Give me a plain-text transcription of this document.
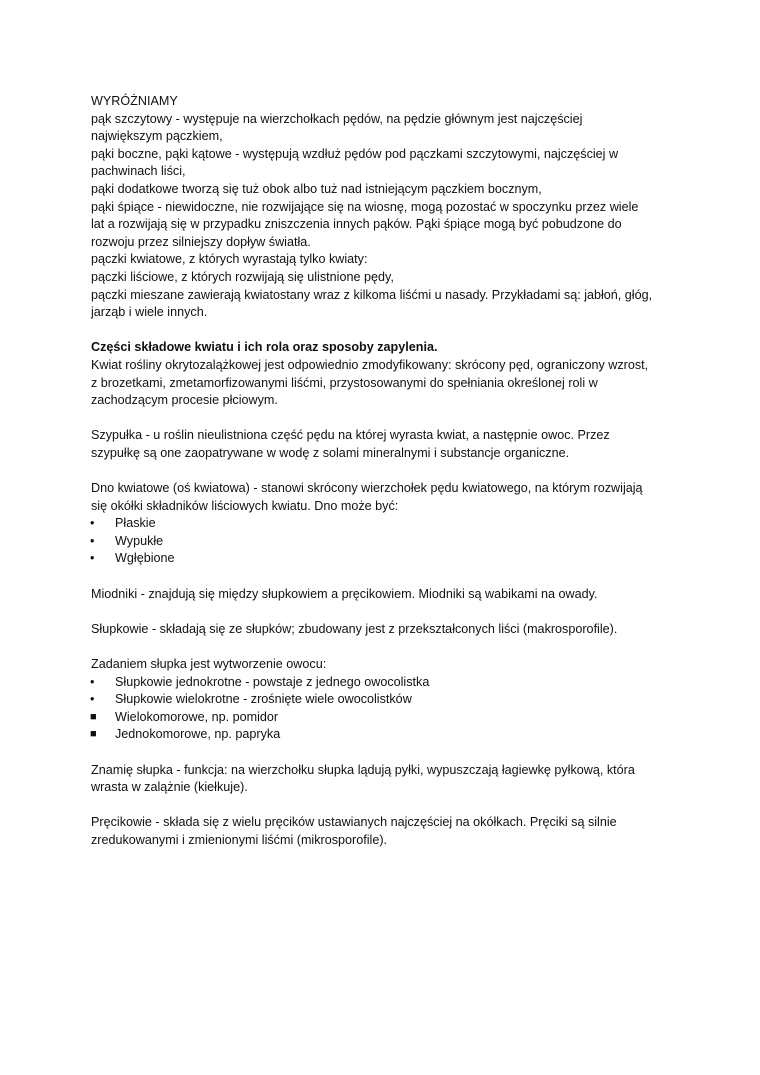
WYRÓŻNIAMY
pąk szczytowy - występuje na wierzchołkach pędów, na pędzie głównym jest najczęściej
największym pączkiem,
pąki boczne, pąki kątowe - występują wzdłuż pędów pod pączkami szczytowymi, najczęściej w
pachwinach liści,
pąki dodatkowe tworzą się tuż obok albo tuż nad istniejącym pączkiem bocznym,
pąki śpiące - niewidoczne, nie rozwijające się na wiosnę, mogą pozostać w spoczynku przez wiele
lat a rozwijają się w przypadku zniszczenia innych pąków. Pąki śpiące mogą być pobudzone do
rozwoju przez silniejszy dopływ światła.
pączki kwiatowe, z których wyrastają tylko kwiaty:
pączki liściowe, z których rozwijają się ulistnione pędy,
pączki mieszane zawierają kwiatostany wraz z kilkoma liśćmi u nasady. Przykładami są: jabłoń, głóg,
jarząb i wiele innych.
Części składowe kwiatu i ich rola oraz sposoby zapylenia.
Kwiat rośliny okrytozalążkowej jest odpowiednio zmodyfikowany: skrócony pęd, ograniczony wzrost,
z brozetkami, zmetamorfizowanymi liśćmi, przystosowanymi do spełniania określonej roli w
zachodzącym procesie płciowym.
Szypułka - u roślin nieulistniona część pędu na której wyrasta kwiat, a następnie owoc. Przez
szypułkę są one zaopatrywane w wodę z solami mineralnymi i substancje organiczne.
Dno kwiatowe (oś kwiatowa) - stanowi skrócony wierzchołek pędu kwiatowego, na którym rozwijają
się okółki składników liściowych kwiatu. Dno może być:
•	Płaskie
•	Wypukłe
•	Wgłębione
Miodniki - znajdują się między słupkowiem a pręcikowiem. Miodniki są wabikami na owady.
Słupkowie - składają się ze słupków; zbudowany jest z przekształconych liści (makrosporofile).
Zadaniem słupka jest wytworzenie owocu:
•	Słupkowie jednokrotne - powstaje z jednego owocolistka
•	Słupkowie wielokrotne - zrośnięte wiele owocolistków
■	Wielokomorowe, np. pomidor
■	Jednokomorowe, np. papryka
Znamię słupka - funkcja: na wierzchołku słupka lądują pyłki, wypuszczają łagiewkę pyłkową, która
wrasta w zalążnie (kiełkuje).
Pręcikowie - składa się z wielu pręcików ustawianych najczęściej na okółkach. Pręciki są silnie
zredukowanymi i zmienionymi liśćmi (mikrosporofile).
